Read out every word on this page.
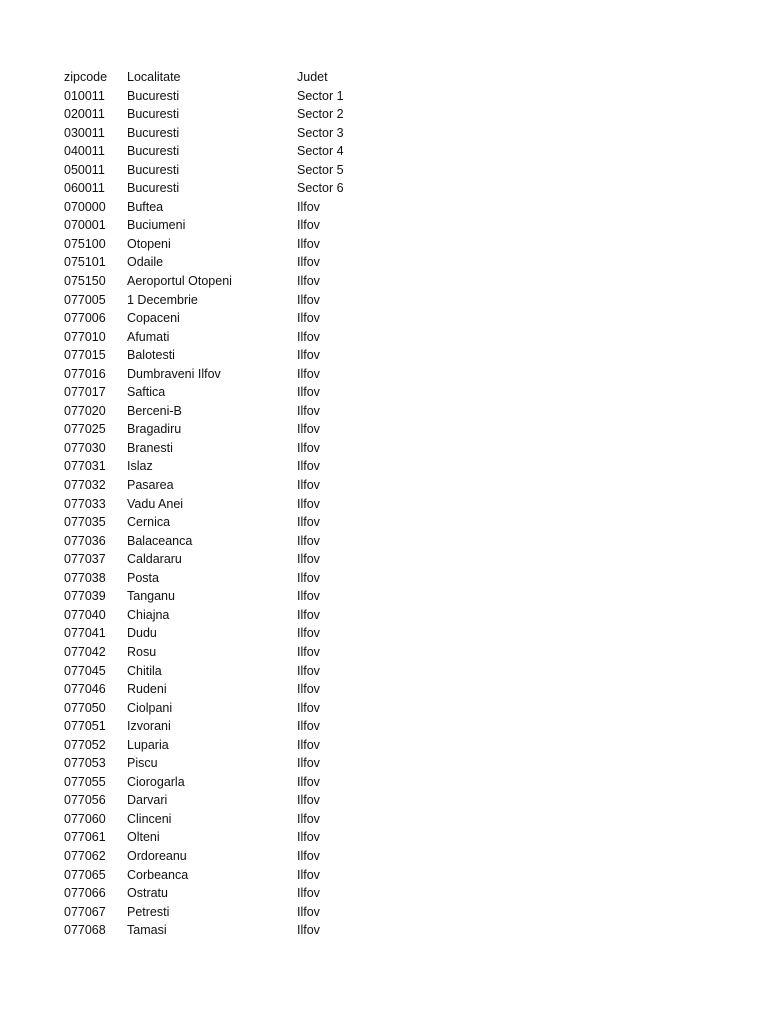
zipcode	Localitate	Judet
010011	Bucuresti	Sector 1
020011	Bucuresti	Sector 2
030011	Bucuresti	Sector 3
040011	Bucuresti	Sector 4
050011	Bucuresti	Sector 5
060011	Bucuresti	Sector 6
070000	Buftea	Ilfov
070001	Buciumeni	Ilfov
075100	Otopeni	Ilfov
075101	Odaile	Ilfov
075150	Aeroportul Otopeni	Ilfov
077005	1 Decembrie	Ilfov
077006	Copaceni	Ilfov
077010	Afumati	Ilfov
077015	Balotesti	Ilfov
077016	Dumbraveni Ilfov	Ilfov
077017	Saftica	Ilfov
077020	Berceni-B	Ilfov
077025	Bragadiru	Ilfov
077030	Branesti	Ilfov
077031	Islaz	Ilfov
077032	Pasarea	Ilfov
077033	Vadu Anei	Ilfov
077035	Cernica	Ilfov
077036	Balaceanca	Ilfov
077037	Caldararu	Ilfov
077038	Posta	Ilfov
077039	Tanganu	Ilfov
077040	Chiajna	Ilfov
077041	Dudu	Ilfov
077042	Rosu	Ilfov
077045	Chitila	Ilfov
077046	Rudeni	Ilfov
077050	Ciolpani	Ilfov
077051	Izvorani	Ilfov
077052	Luparia	Ilfov
077053	Piscu	Ilfov
077055	Ciorogarla	Ilfov
077056	Darvari	Ilfov
077060	Clinceni	Ilfov
077061	Olteni	Ilfov
077062	Ordoreanu	Ilfov
077065	Corbeanca	Ilfov
077066	Ostratu	Ilfov
077067	Petresti	Ilfov
077068	Tamasi	Ilfov
